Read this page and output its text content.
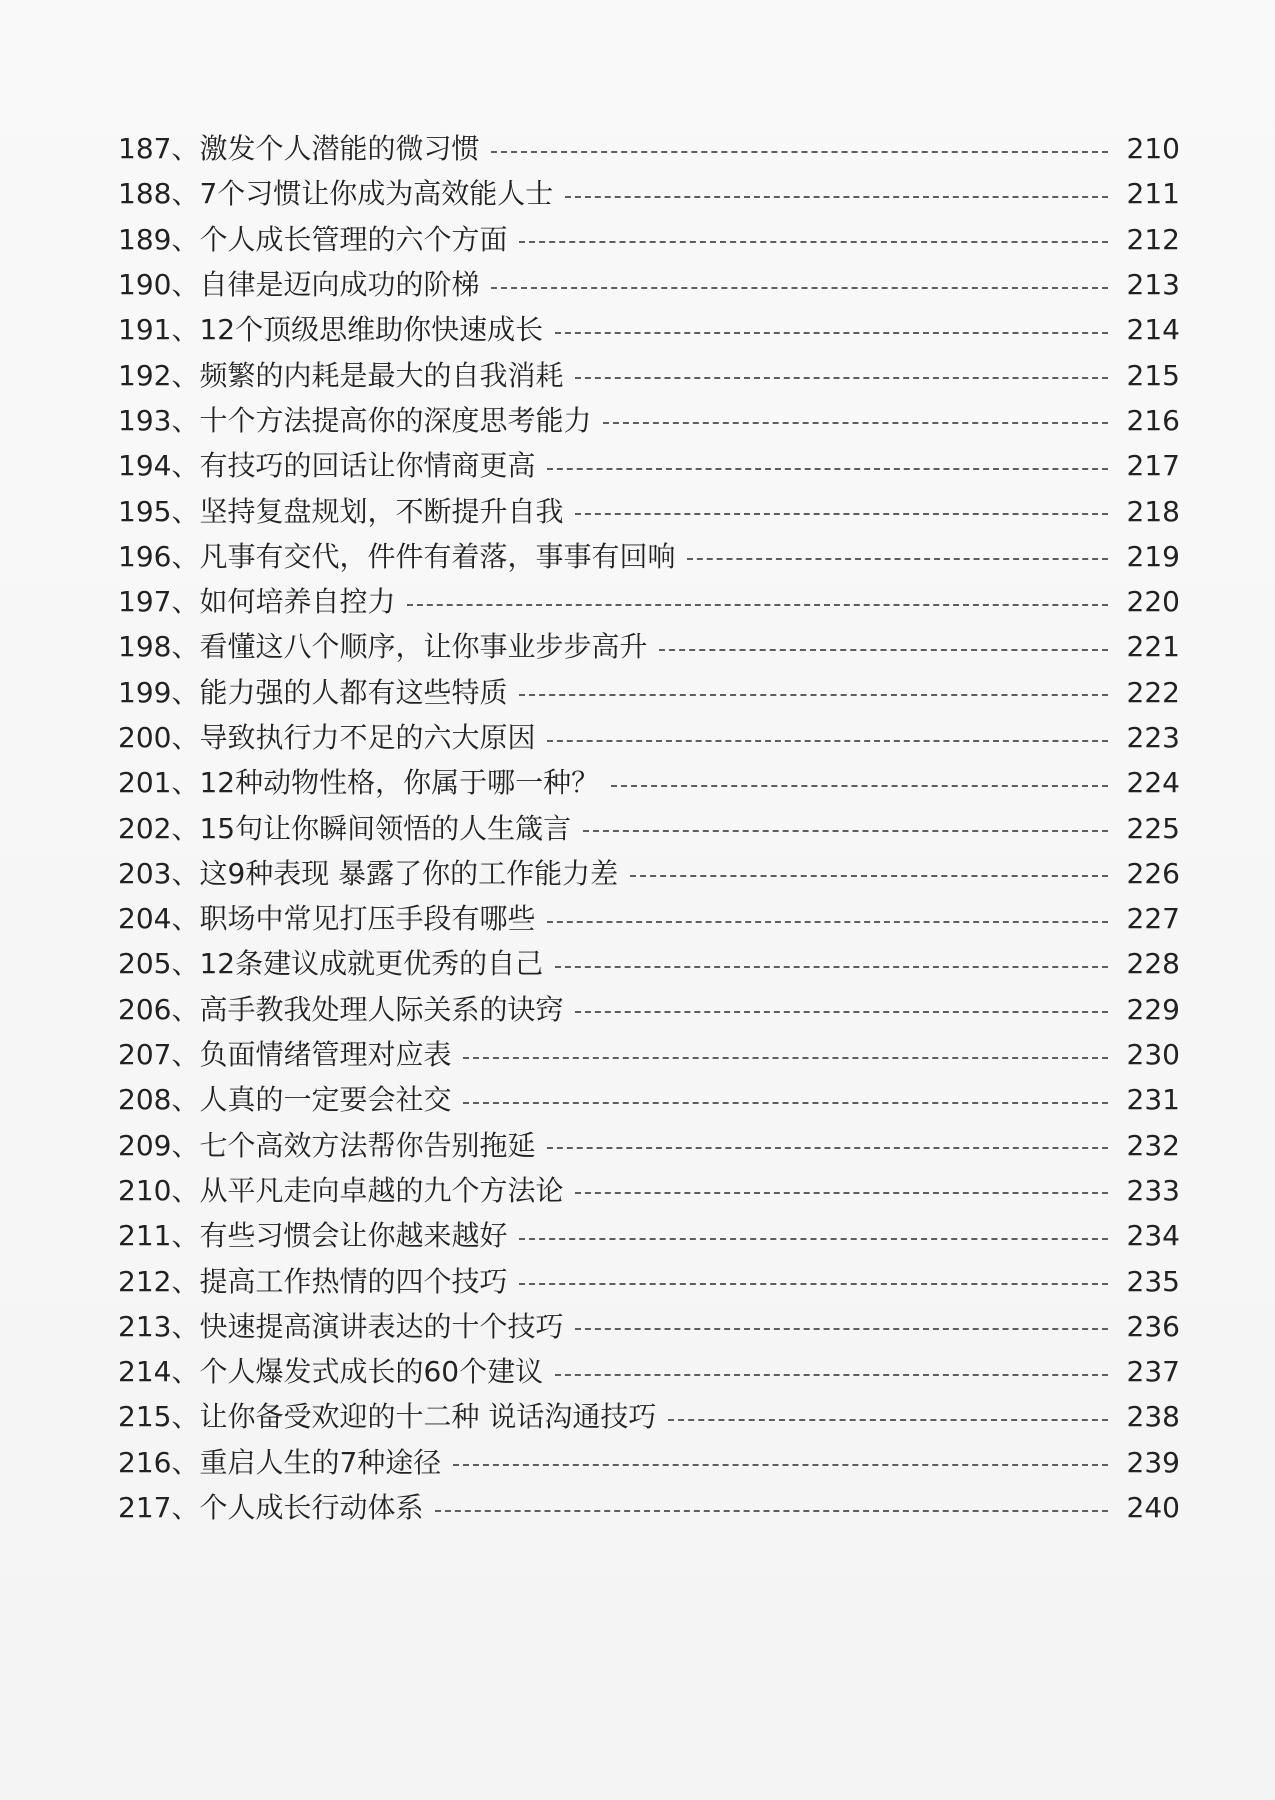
187、 激发个人潜能的微习惯	210
188、 7个习惯让你成为高效能人士	211
189、 个人成长管理的六个方面	212
190、 自律是迈向成功的阶梯	213
191、 12个顶级思维助你快速成长	214
192、 频繁的内耗是最大的自我消耗	215
193、 十个方法提高你的深度思考能力	216
194、 有技巧的回话让你情商更高	217
195、 坚持复盘规划，不断提升自我	218
196、 凡事有交代，件件有着落，事事有回响	219
197、 如何培养自控力	220
198、 看懂这八个顺序，让你事业步步高升	221
199、 能力强的人都有这些特质	222
200、 导致执行力不足的六大原因	223
201、 12种动物性格，你属于哪一种？	224
202、 15句让你瞬间领悟的人生箴言	225
203、 这9种表现 暴露了你的工作能力差	226
204、 职场中常见打压手段有哪些	227
205、 12条建议成就更优秀的自己	228
206、 高手教我处理人际关系的诀窍	229
207、 负面情绪管理对应表	230
208、 人真的一定要会社交	231
209、 七个高效方法帮你告别拖延	232
210、 从平凡走向卓越的九个方法论	233
211、 有些习惯会让你越来越好	234
212、 提高工作热情的四个技巧	235
213、 快速提高演讲表达的十个技巧	236
214、 个人爆发式成长的60个建议	237
215、 让你备受欢迎的十二种 说话沟通技巧	238
216、 重启人生的7种途径	239
217、 个人成长行动体系	240
